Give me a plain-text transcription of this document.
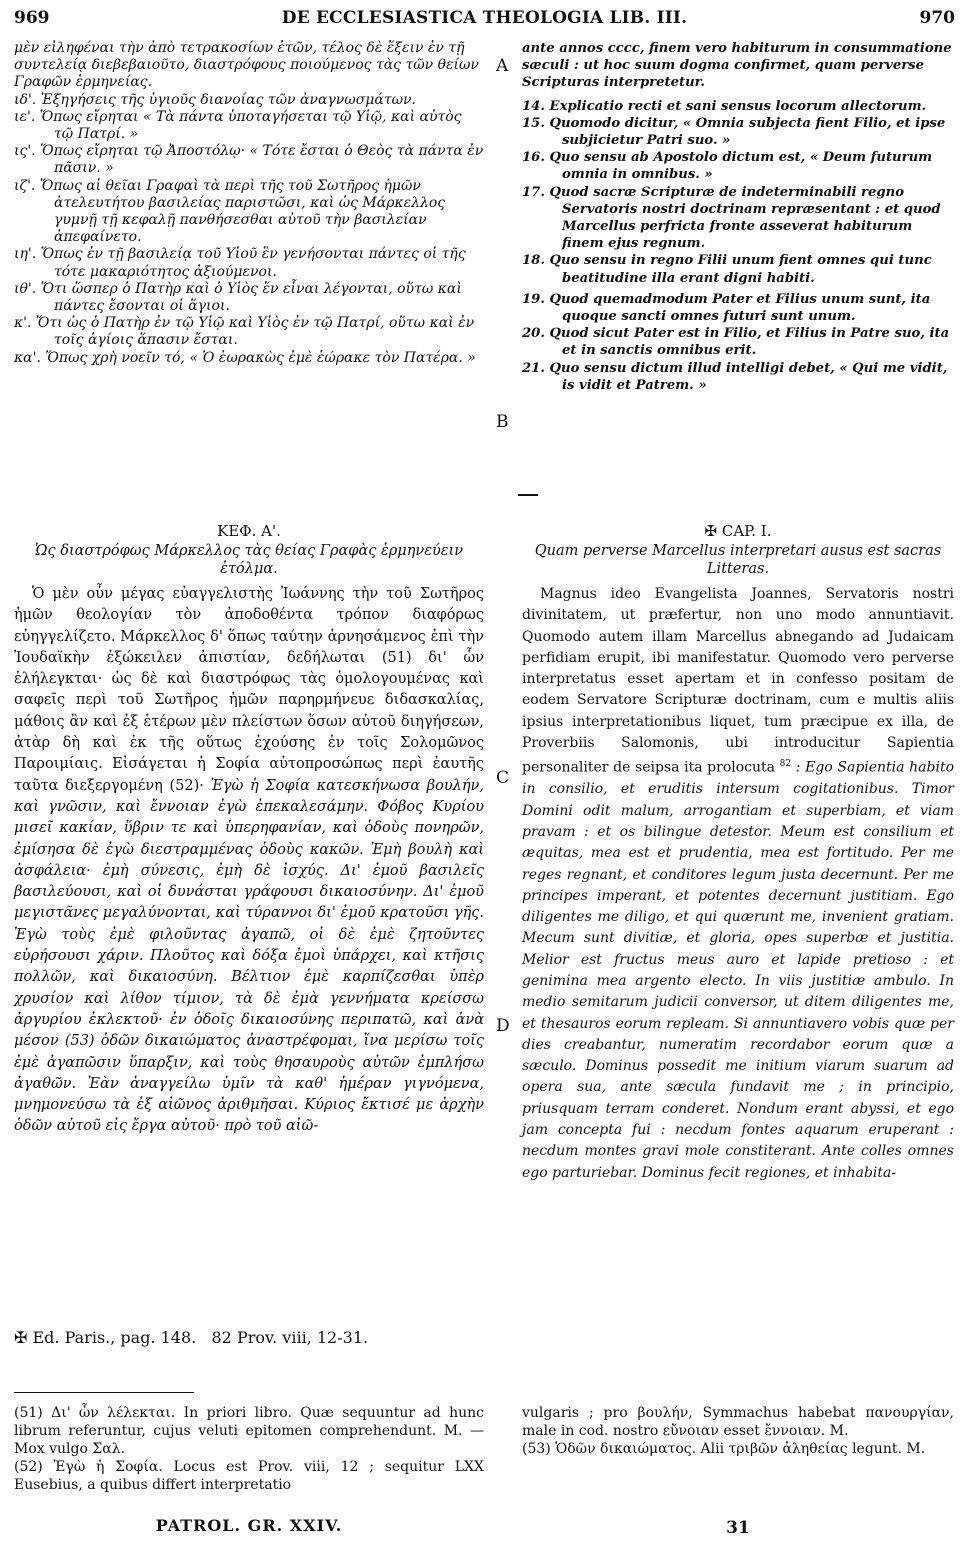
969	DE ECCLESIASTICA THEOLOGIA LIB. III.	970

μὲν εἰληφέναι τὴν ἀπὸ τετρακοσίων ἐτῶν, τέλος δὲ ἕξειν ἐν τῇ συντελείᾳ διεβεβαιοῦτο, διαστρόφους ποιούμενος τὰς τῶν θείων Γραφῶν ἑρμηνείας.

ιδ'. Ἐξηγήσεις τῆς ὑγιοῦς διανοίας τῶν ἀναγνωσμάτων.

ιε'. Ὅπως εἴρηται « Τὰ πάντα ὑποταγήσεται τῷ Υἱῷ, καὶ αὐτὸς τῷ Πατρί. »

ις'. Ὅπως εἴρηται τῷ Ἀποστόλῳ· « Τότε ἔσται ὁ Θεὸς τὰ πάντα ἐν πᾶσιν. »

ιζ'. Ὅπως αἱ θεῖαι Γραφαὶ τὰ περὶ τῆς τοῦ Σωτῆρος ἡμῶν ἀτελευτήτου βασιλείας παριστῶσι, καὶ ὡς Μάρκελλος γυμνῇ τῇ κεφαλῇ πανθήσεσθαι αὐτοῦ τὴν βασιλείαν ἀπεφαίνετο.

ιη'. Ὅπως ἐν τῇ βασιλείᾳ τοῦ Υἱοῦ ἓν γενήσονται πάντες οἱ τῆς τότε μακαριότητος ἀξιούμενοι.

ιθ'. Ὅτι ὥσπερ ὁ Πατὴρ καὶ ὁ Υἱὸς ἕν εἶναι λέγονται, οὕτω καὶ πάντες ἔσονται οἱ ἅγιοι.

κ'. Ὅτι ὡς ὁ Πατὴρ ἐν τῷ Υἱῷ καὶ Υἱὸς ἐν τῷ Πατρί, οὕτω καὶ ἐν τοῖς ἁγίοις ἅπασιν ἔσται.

κα'. Ὅπως χρὴ νοεῖν τό, « Ὁ ἑωρακὼς ἐμὲ ἑώρακε τὸν Πατέρα. »

A
B

ante annos cccc, finem vero habiturum in consummatione sæculi : ut hoc suum dogma confirmet, quam perverse Scripturas interpretetur.

14. Explicatio recti et sani sensus locorum allectorum.

15. Quomodo dicitur, « Omnia subjecta fient Filio, et ipse subjicietur Patri suo. »

16. Quo sensu ab Apostolo dictum est, « Deum futurum omnia in omnibus. »

17. Quod sacræ Scripturæ de indeterminabili regno Servatoris nostri doctrinam repræsentant : et quod Marcellus perfricta fronte asseverat habiturum finem ejus regnum.

18. Quo sensu in regno Filii unum fient omnes qui tunc beatitudine illa erant digni habiti.

19. Quod quemadmodum Pater et Filius unum sunt, ita quoque sancti omnes futuri sunt unum.

20. Quod sicut Pater est in Filio, et Filius in Patre suo, ita et in sanctis omnibus erit.

21. Quo sensu dictum illud intelligi debet, « Qui me vidit, is vidit et Patrem. »

ΚΕΦ. Α'.

Ὡς διαστρόφως Μάρκελλος τὰς θείας Γραφὰς ἑρμηνεύειν ἐτόλμα.

Ὁ μὲν οὖν μέγας εὐαγγελιστὴς Ἰωάννης τὴν τοῦ Σωτῆρος ἡμῶν θεολογίαν τὸν ἀποδοθέντα τρόπον διαφόρως εὐηγγελίζετο. Μάρκελλος δ' ὅπως ταύτην ἀρνησάμενος ἐπὶ τὴν Ἰουδαϊκὴν ἐξώκειλεν ἀπιστίαν, δεδήλωται (51) δι' ὧν ἐλήλεγκται· ὡς δὲ καὶ διαστρόφως τὰς ὁμολογουμένας καὶ σαφεῖς περὶ τοῦ Σωτῆρος ἡμῶν παρηρμήνευε διδασκαλίας, μάθοις ἂν καὶ ἐξ ἑτέρων μὲν πλείστων ὅσων αὐτοῦ διηγήσεων, ἀτὰρ δὴ καὶ ἐκ τῆς οὕτως ἐχούσης ἐν τοῖς Σολομῶνος Παροιμίαις. Εἰσάγεται ἡ Σοφία αὐτοπροσώπως περὶ ἑαυτῆς ταῦτα διεξεργομένη (52)· Ἐγὼ ἡ Σοφία κατεσκήνωσα βουλήν, καὶ γνῶσιν, καὶ ἔννοιαν ἐγὼ ἐπεκαλεσάμην. Φόβος Κυρίου μισεῖ κακίαν, ὕβριν τε καὶ ὑπερηφανίαν, καὶ ὁδοὺς πονηρῶν, ἐμίσησα δὲ ἐγὼ διεστραμμένας ὁδοὺς κακῶν. Ἐμὴ βουλὴ καὶ ἀσφάλεια· ἐμὴ σύνεσις, ἐμὴ δὲ ἰσχύς. Δι' ἐμοῦ βασιλεῖς βασιλεύουσι, καὶ οἱ δυνάσται γράφουσι δικαιοσύνην. Δι' ἐμοῦ μεγιστᾶνες μεγαλύνονται, καὶ τύραννοι δι' ἐμοῦ κρατοῦσι γῆς. Ἐγὼ τοὺς ἐμὲ φιλοῦντας ἀγαπῶ, οἱ δὲ ἐμὲ ζητοῦντες εὑρήσουσι χάριν. Πλοῦτος καὶ δόξα ἐμοὶ ὑπάρχει, καὶ κτῆσις πολλῶν, καὶ δικαιοσύνη. Βέλτιον ἐμὲ καρπίζεσθαι ὑπὲρ χρυσίον καὶ λίθον τίμιον, τὰ δὲ ἐμὰ γεννήματα κρείσσω ἀργυρίου ἐκλεκτοῦ· ἐν ὁδοῖς δικαιοσύνης περιπατῶ, καὶ ἀνὰ μέσον (53) ὁδῶν δικαιώματος ἀναστρέφομαι, ἵνα μερίσω τοῖς ἐμὲ ἀγαπῶσιν ὕπαρξιν, καὶ τοὺς θησαυροὺς αὐτῶν ἐμπλήσω ἀγαθῶν. Ἐὰν ἀναγγείλω ὑμῖν τὰ καθ' ἡμέραν γιγνόμενα, μνημονεύσω τὰ ἐξ αἰῶνος ἀριθμῆσαι. Κύριος ἔκτισέ με ἀρχὴν ὁδῶν αὐτοῦ εἰς ἔργα αὐτοῦ· πρὸ τοῦ αἰῶ-

C
D

✠ CAP. I.

Quam perverse Marcellus interpretari ausus est sacras Litteras.

Magnus ideo Evangelista Joannes, Servatoris nostri divinitatem, ut præfertur, non uno modo annuntiavit. Quomodo autem illam Marcellus abnegando ad Judaicam perfidiam erupit, ibi manifestatur. Quomodo vero perverse interpretatus esset apertam et in confesso positam de eodem Servatore Scripturæ doctrinam, cum e multis aliis ipsius interpretationibus liquet, tum præcipue ex illa, de Proverbiis Salomonis, ubi introducitur Sapientia personaliter de seipsa ita prolocuta $^{82}$ : Ego Sapientia habito in consilio, et eruditis intersum cogitationibus. Timor Domini odit malum, arrogantiam et superbiam, et viam pravam : et os bilingue detestor. Meum est consilium et æquitas, mea est et prudentia, mea est fortitudo. Per me reges regnant, et conditores legum justa decernunt. Per me principes imperant, et potentes decernunt justitiam. Ego diligentes me diligo, et qui quærunt me, invenient gratiam. Mecum sunt divitiæ, et gloria, opes superbæ et justitia. Melior est fructus meus auro et lapide pretioso : et genimina mea argento electo. In viis justitiæ ambulo. In medio semitarum judicii conversor, ut ditem diligentes me, et thesauros eorum repleam. Si annuntiavero vobis quæ per dies creabantur, numeratim recordabor eorum quæ a sæculo. Dominus possedit me initium viarum suarum ad opera sua, ante sæcula fundavit me ; in principio, priusquam terram conderet. Nondum erant abyssi, et ego jam concepta fui : necdum fontes aquarum eruperant : necdum montes gravi mole constiterant. Ante colles omnes ego parturiebar. Dominus fecit regiones, et inhabita-

✠ Ed. Paris., pag. 148. 82 Prov. viii, 12-31.

(51) Δι' ὧν λέλεκται. In priori libro. Quæ sequuntur ad hunc librum referuntur, cujus veluti epitomen comprehendunt. M. — Mox vulgo Σαλ.

(52) Ἐγὼ ἡ Σοφία. Locus est Prov. viii, 12 ; sequitur LXX Eusebius, a quibus differt interpretatio

vulgaris ; pro βουλήν, Symmachus habebat πανουργίαν, male in cod. nostro εὔνοιαν esset ἔννοιαν. M.

(53) Ὁδῶν δικαιώματος. Alii τριβῶν ἀληθείας legunt. M.

PATROL. GR. XXIV.	31
